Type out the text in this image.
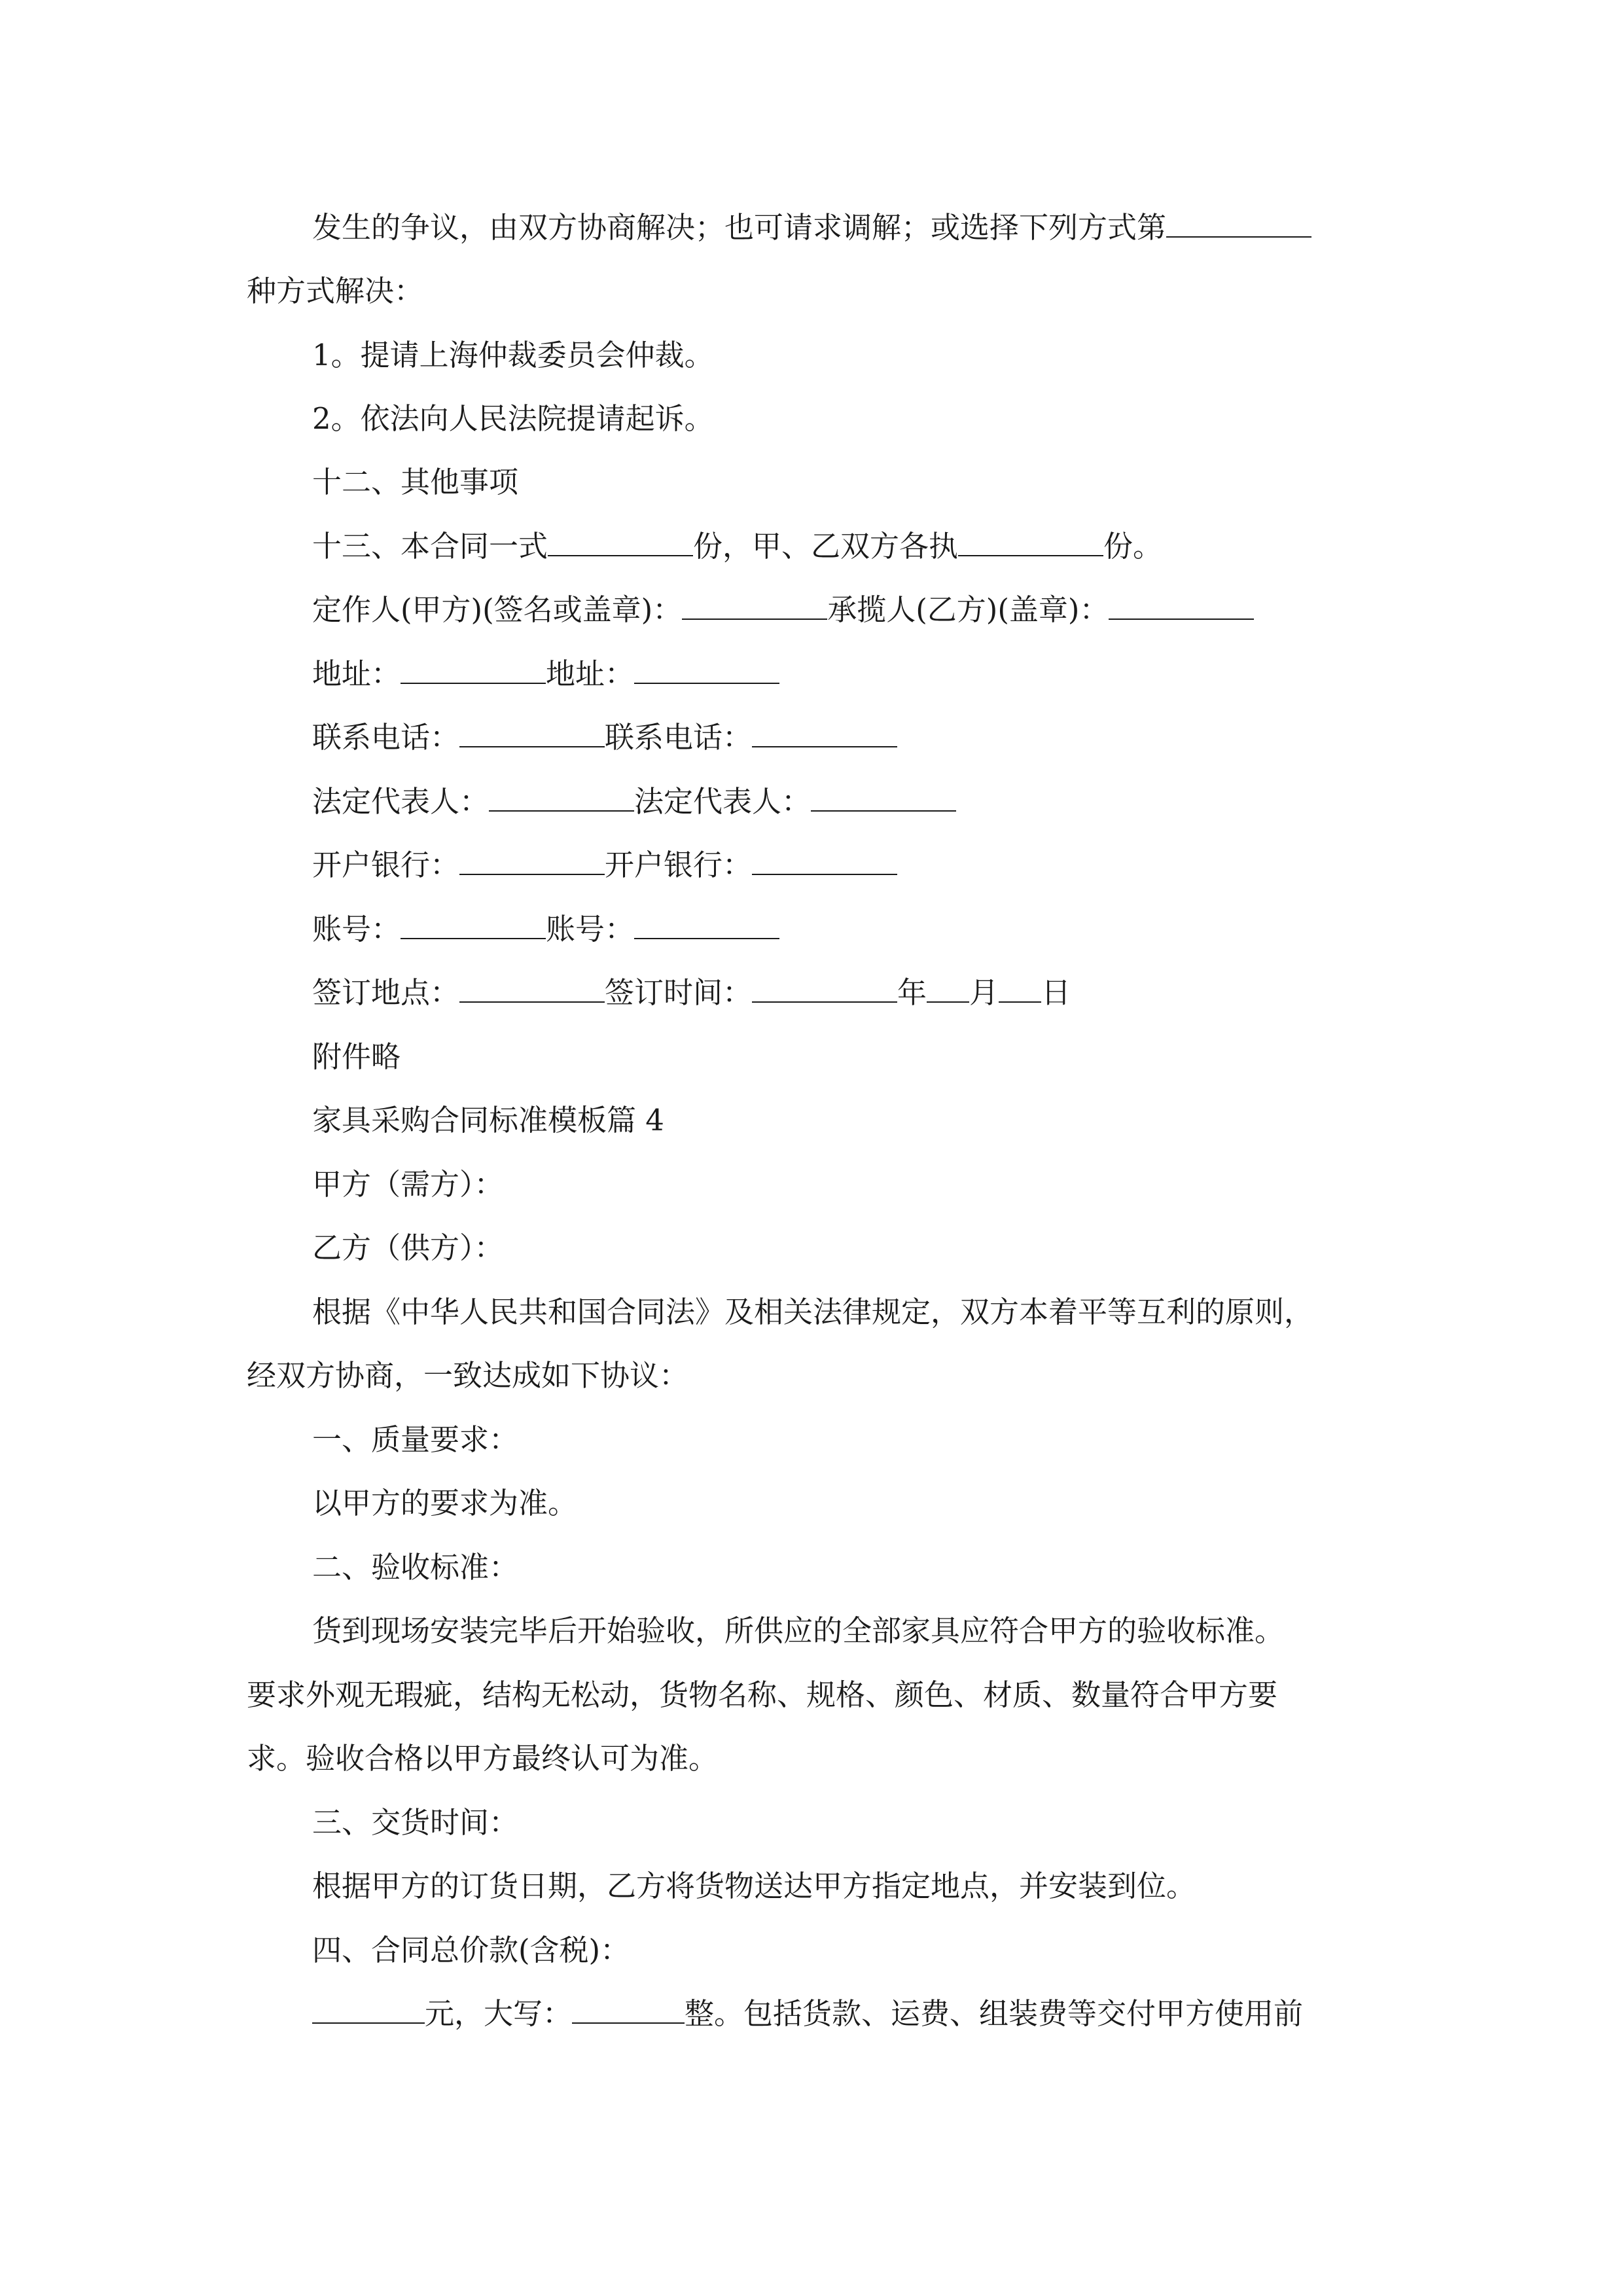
发生的争议，由双方协商解决；也可请求调解；或选择下列方式第
种方式解决：
1。提请上海仲裁委员会仲裁。
2。依法向人民法院提请起诉。
十二、其他事项
十三、本合同一式	份，甲、乙双方各执	份。
定作人(甲方)(签名或盖章)：	承揽人(乙方)(盖章)：
地址：	地址：
联系电话：	联系电话：
法定代表人：	法定代表人：
开户银行：	开户银行：
账号：	账号：
签订地点：	签订时间：	年 月 日
附件略
家具采购合同标准模板篇 4
甲方（需方）：
乙方（供方）：
根据《中华人民共和国合同法》及相关法律规定，双方本着平等互利的原则，
经双方协商，一致达成如下协议：
一、质量要求：
以甲方的要求为准。
二、验收标准：
货到现场安装完毕后开始验收，所供应的全部家具应符合甲方的验收标准。
要求外观无瑕疵，结构无松动，货物名称、规格、颜色、材质、数量符合甲方要
求。验收合格以甲方最终认可为准。
三、交货时间：
根据甲方的订货日期，乙方将货物送达甲方指定地点，并安装到位。
四、合同总价款(含税)：
元，大写：	整。包括货款、运费、组装费等交付甲方使用前
